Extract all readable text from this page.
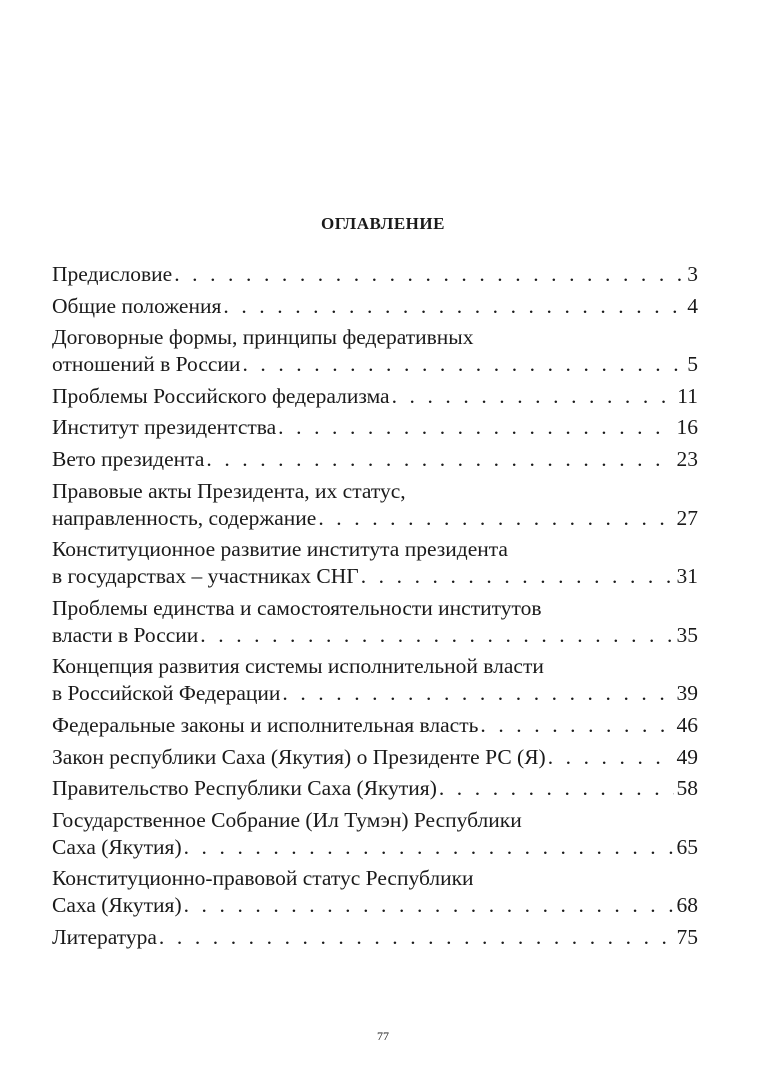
ОГЛАВЛЕНИЕ
Предисловие . . .	3
Общие положения . . .	4
Договорные формы, принципы федеративных
отношений в России . . .	5
Проблемы Российского федерализма . . .	11
Институт президентства . . .	16
Вето президента . . .	23
Правовые акты Президента, их статус,
направленность, содержание . . .	27
Конституционное развитие института президента
в государствах – участниках СНГ . . .	31
Проблемы единства и самостоятельности институтов
власти в России . . .	35
Концепция развития системы исполнительной власти
в Российской Федерации . . .	39
Федеральные законы и исполнительная власть . . .	46
Закон республики Саха (Якутия) о Президенте РС (Я) . . .	49
Правительство Республики Саха (Якутия) . . .	58
Государственное Собрание (Ил Тумэн) Республики
Саха (Якутия) . . .	65
Конституционно-правовой статус Республики
Саха (Якутия) . . .	68
Литература . . .	75
77
